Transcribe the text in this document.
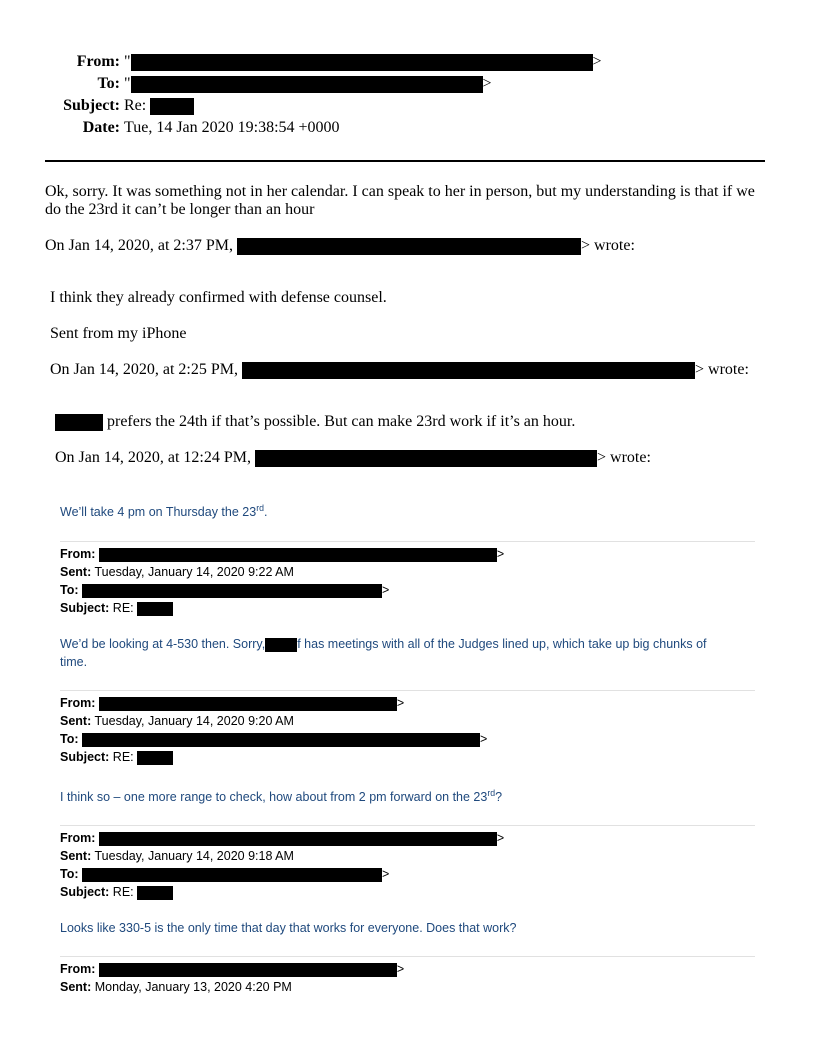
From: "	>
To: "	>
Subject: Re:
Date: Tue, 14 Jan 2020 19:38:54 +0000
Ok, sorry. It was something not in her calendar. I can speak to her in person, but my understanding is that if we
do the 23rd it can’t be longer than an hour
On Jan 14, 2020, at 2:37 PM,	> wrote:
I think they already confirmed with defense counsel.
Sent from my iPhone
On Jan 14, 2020, at 2:25 PM,	> wrote:
prefers the 24th if that’s possible. But can make 23rd work if it’s an hour.
On Jan 14, 2020, at 12:24 PM,	> wrote:
We’ll take 4 pm on Thursday the 23rd.
From:	>
Sent: Tuesday, January 14, 2020 9:22 AM
To:	>
Subject: RE:
We’d be looking at 4-530 then. Sorry,	f has meetings with all of the Judges lined up, which take up big chunks of
time.
From:	>
Sent: Tuesday, January 14, 2020 9:20 AM
To:	>
Subject: RE:
I think so – one more range to check, how about from 2 pm forward on the 23rd?
From:	>
Sent: Tuesday, January 14, 2020 9:18 AM
To:	>
Subject: RE:
Looks like 330-5 is the only time that day that works for everyone. Does that work?
From:	>
Sent: Monday, January 13, 2020 4:20 PM
